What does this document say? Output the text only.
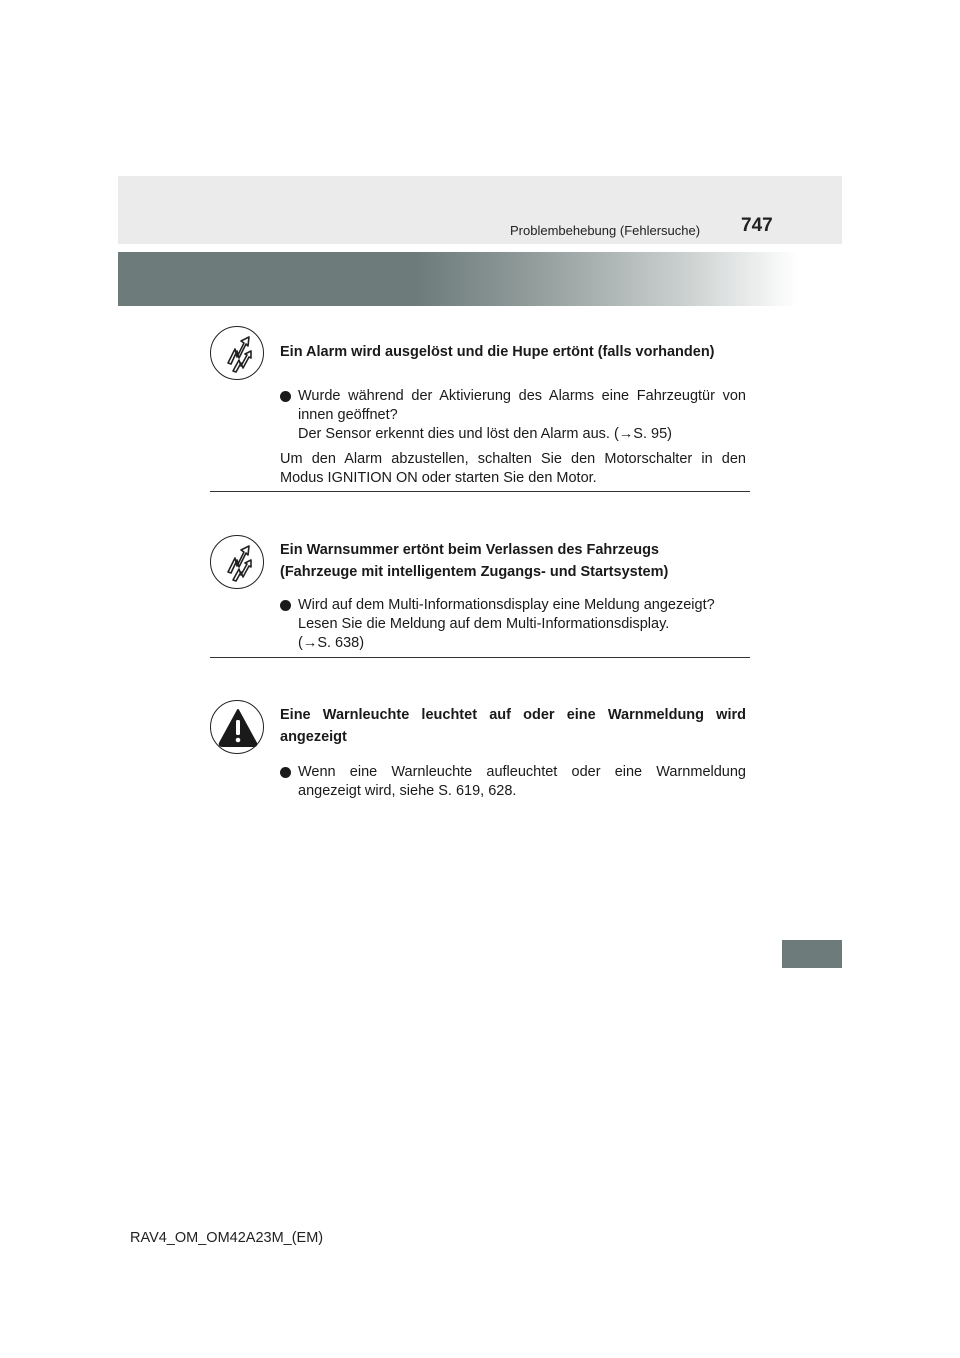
Problembehebung (Fehlersuche) 747
Ein Alarm wird ausgelöst und die Hupe ertönt (falls vorhanden)
Wurde während der Aktivierung des Alarms eine Fahrzeugtür von innen geöffnet?
Der Sensor erkennt dies und löst den Alarm aus. (→S. 95)
Um den Alarm abzustellen, schalten Sie den Motorschalter in den Modus IGNITION ON oder starten Sie den Motor.
Ein Warnsummer ertönt beim Verlassen des Fahrzeugs
(Fahrzeuge mit intelligentem Zugangs- und Startsystem)
Wird auf dem Multi-Informationsdisplay eine Meldung angezeigt?
Lesen Sie die Meldung auf dem Multi-Informationsdisplay.
(→S. 638)
Eine Warnleuchte leuchtet auf oder eine Warnmeldung wird angezeigt
Wenn eine Warnleuchte aufleuchtet oder eine Warnmeldung angezeigt wird, siehe S. 619, 628.
RAV4_OM_OM42A23M_(EM)
